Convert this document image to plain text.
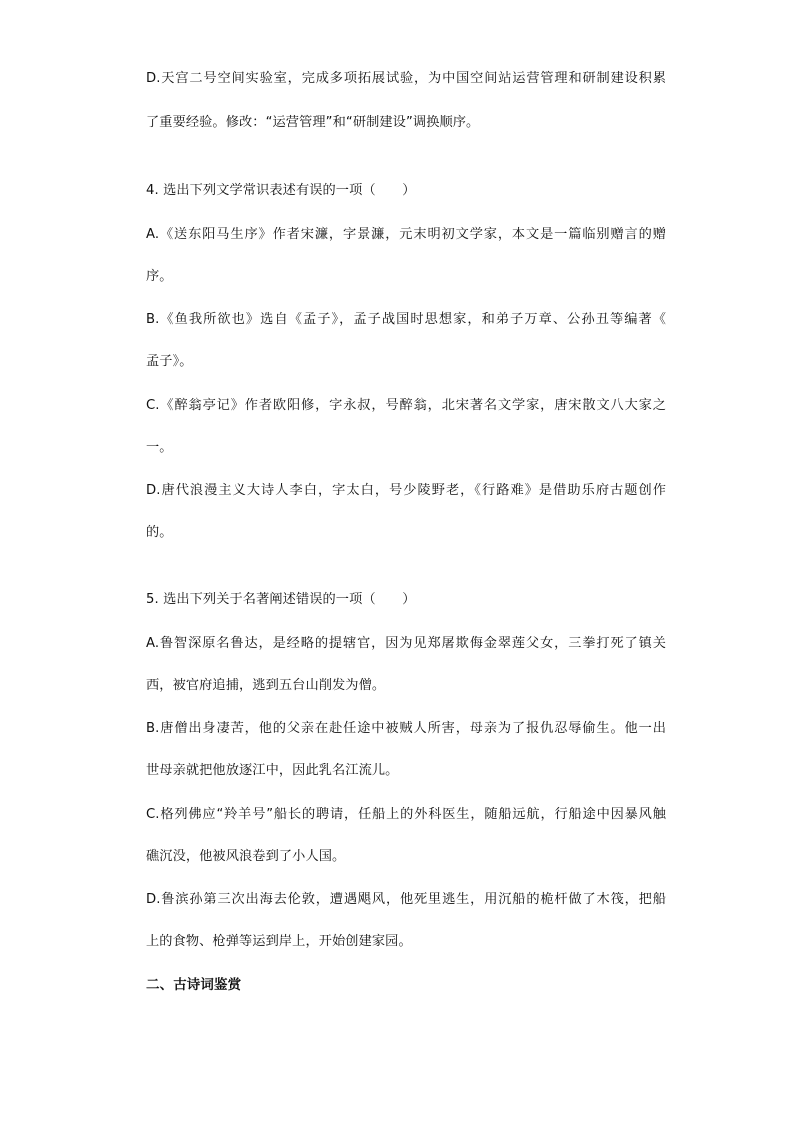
D.天宫二号空间实验室，完成多项拓展试验，为中国空间站运营管理和研制建设积累
了重要经验。修改：“运营管理”和“研制建设”调换顺序。
4. 选出下列文学常识表述有误的一项（　　）
A.《送东阳马生序》作者宋濂，字景濂，元末明初文学家，本文是一篇临别赠言的赠
序。
B.《鱼我所欲也》选自《孟子》，孟子战国时思想家，和弟子万章、公孙丑等编著《
孟子》。
C.《醉翁亭记》作者欧阳修，字永叔，号醉翁，北宋著名文学家，唐宋散文八大家之
一。
D.唐代浪漫主义大诗人李白，字太白，号少陵野老，《行路难》是借助乐府古题创作
的。
5. 选出下列关于名著阐述错误的一项（　　）
A.鲁智深原名鲁达，是经略的提辖官，因为见郑屠欺侮金翠莲父女，三拳打死了镇关
西，被官府追捕，逃到五台山削发为僧。
B.唐僧出身凄苦，他的父亲在赴任途中被贼人所害，母亲为了报仇忍辱偷生。他一出
世母亲就把他放逐江中，因此乳名江流儿。
C.格列佛应“羚羊号”船长的聘请，任船上的外科医生，随船远航，行船途中因暴风触
礁沉没，他被风浪卷到了小人国。
D.鲁滨孙第三次出海去伦敦，遭遇飓风，他死里逃生，用沉船的桅杆做了木筏，把船
上的食物、枪弹等运到岸上，开始创建家园。
二、古诗词鉴赏
